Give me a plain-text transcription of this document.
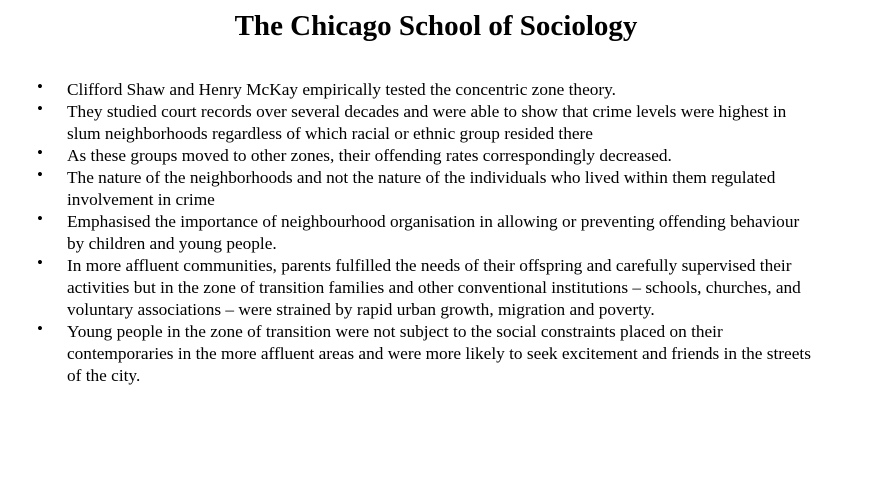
The Chicago School of Sociology
• Clifford Shaw and Henry McKay empirically tested the concentric zone theory.
• They studied court records over several decades and were able to show that crime levels were highest in
slum neighborhoods regardless of which racial or ethnic group resided there
• As these groups moved to other zones, their offending rates correspondingly decreased.
• The nature of the neighborhoods and not the nature of the individuals who lived within them regulated
involvement in crime
• Emphasised the importance of neighbourhood organisation in allowing or preventing offending behaviour
by children and young people.
• In more affluent communities, parents fulfilled the needs of their offspring and carefully supervised their
activities but in the zone of transition families and other conventional institutions – schools, churches, and
voluntary associations – were strained by rapid urban growth, migration and poverty.
• Young people in the zone of transition were not subject to the social constraints placed on their
contemporaries in the more affluent areas and were more likely to seek excitement and friends in the streets
of the city.
